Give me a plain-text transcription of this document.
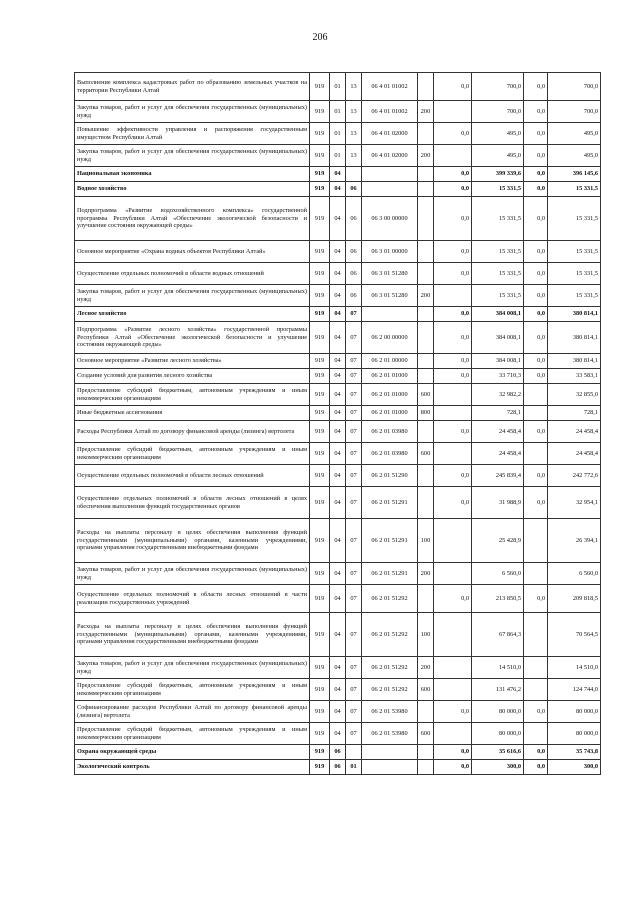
206
Выполнение комплекса кадастровых работ по образованию земельных участков на территории Республики Алтай	919	01	13	06 4 01 01002		0,0	700,0	0,0	700,0
Закупка товаров, работ и услуг для обеспечения государственных (муниципальных) нужд	919	01	13	06 4 01 01002	200		700,0	0,0	700,0
Повышение эффективности управления и распоряжения государственным имуществом Республики Алтай	919	01	13	06 4 01 02000		0,0	495,0	0,0	495,0
Закупка товаров, работ и услуг для обеспечения государственных (муниципальных) нужд	919	01	13	06 4 01 02000	200		495,0	0,0	495,0
Национальная экономика	919	04				0,0	399 339,6	0,0	396 145,6
Водное хозяйство	919	04	06			0,0	15 331,5	0,0	15 331,5
Подпрограмма «Развитие водохозяйственного комплекса» государственной программы Республики Алтай «Обеспечение экологической безопасности и улучшение состояния окружающей среды»	919	04	06	06 3 00 00000		0,0	15 331,5	0,0	15 331,5
Основное мероприятие «Охрана водных объектов Республики Алтай»	919	04	06	06 3 01 00000		0,0	15 331,5	0,0	15 331,5
Осуществление отдельных полномочий в области водных отношений	919	04	06	06 3 01 51280		0,0	15 331,5	0,0	15 331,5
Закупка товаров, работ и услуг для обеспечения государственных (муниципальных) нужд	919	04	06	06 3 01 51280	200		15 331,5	0,0	15 331,5
Лесное хозяйство	919	04	07			0,0	384 008,1	0,0	380 814,1
Подпрограмма «Развитие лесного хозяйства» государственной программы Республики Алтай «Обеспечение экологической безопасности и улучшение состояния окружающей среды»	919	04	07	06 2 00 00000		0,0	384 008,1	0,0	380 814,1
Основное мероприятие «Развитие лесного хозяйства»	919	04	07	06 2 01 00000		0,0	384 008,1	0,0	380 814,1
Создание условий для развития лесного хозяйства	919	04	07	06 2 01 01000		0,0	33 710,3	0,0	33 583,1
Предоставление субсидий бюджетным, автономным учреждениям и иным некоммерческим организациям	919	04	07	06 2 01 01000	600		32 982,2		32 855,0
Иные бюджетные ассигнования	919	04	07	06 2 01 01000	800		728,1		728,1
Расходы Республики Алтай по договору финансовой аренды (лизинга) вертолета	919	04	07	06 2 01 03980		0,0	24 458,4	0,0	24 458,4
Предоставление субсидий бюджетным, автономным учреждениям и иным некоммерческим организациям	919	04	07	06 2 01 03980	600		24 458,4		24 458,4
Осуществление отдельных полномочий в области лесных отношений	919	04	07	06 2 01 51290		0,0	245 839,4	0,0	242 772,6
Осуществление отдельных полномочий в области лесных отношений в целях обеспечения выполнения функций государственных органов	919	04	07	06 2 01 51291		0,0	31 988,9	0,0	32 954,1
Расходы на выплаты персоналу в целях обеспечения выполнения функций государственными (муниципальными) органами, казенными учреждениями, органами управления государственными внебюджетными фондами	919	04	07	06 2 01 51291	100		25 428,9		26 394,1
Закупка товаров, работ и услуг для обеспечения государственных (муниципальных) нужд	919	04	07	06 2 01 51291	200		6 560,0		6 560,0
Осуществление отдельных полномочий в области лесных отношений в части реализации государственных учреждений	919	04	07	06 2 01 51292		0,0	213 850,5	0,0	209 818,5
Расходы на выплаты персоналу в целях обеспечения выполнения функций государственными (муниципальными) органами, казенными учреждениями, органами управления государственными внебюджетными фондами	919	04	07	06 2 01 51292	100		67 864,3		70 564,5
Закупка товаров, работ и услуг для обеспечения государственных (муниципальных) нужд	919	04	07	06 2 01 51292	200		14 510,0		14 510,0
Предоставление субсидий бюджетным, автономным учреждениям и иным некоммерческим организациям	919	04	07	06 2 01 51292	600		131 476,2		124 744,0
Софинансирование расходов Республики Алтай по договору финансовой аренды (лизинга) вертолета	919	04	07	06 2 01 53980		0,0	80 000,0	0,0	80 000,0
Предоставление субсидий бюджетным, автономным учреждениям и иным некоммерческим организациям	919	04	07	06 2 01 53980	600		80 000,0		80 000,0
Охрана окружающей среды	919	06				0,0	35 616,6	0,0	35 743,8
Экологический контроль	919	06	01			0,0	300,0	0,0	300,0
